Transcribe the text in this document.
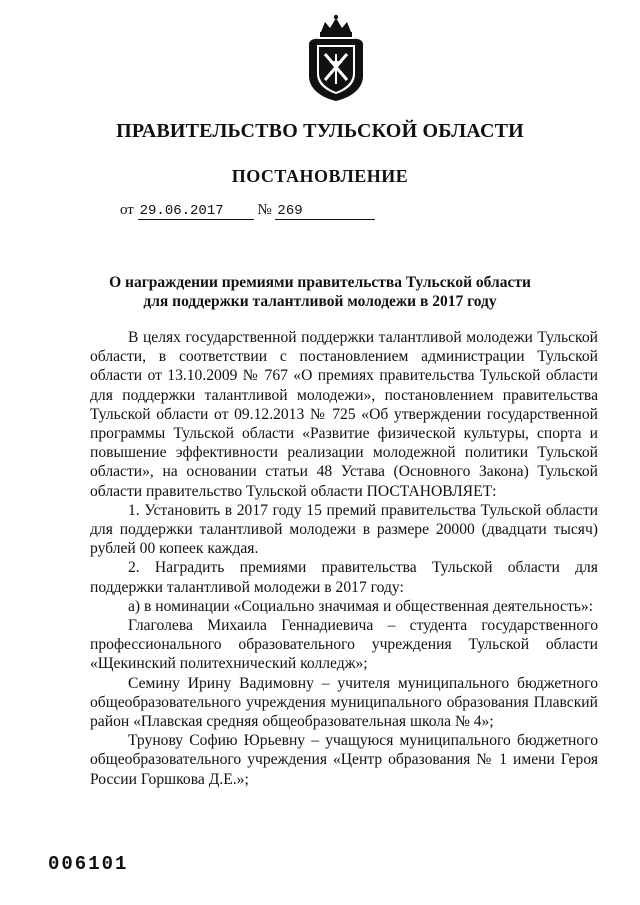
ПРАВИТЕЛЬСТВО ТУЛЬСКОЙ ОБЛАСТИ
ПОСТАНОВЛЕНИЕ
от 29.06.2017 № 269
О награждении премиями правительства Тульской области
для поддержки талантливой молодежи в 2017 году

В целях государственной поддержки талантливой молодежи Тульской области, в соответствии с постановлением администрации Тульской области от 13.10.2009 № 767 «О премиях правительства Тульской области для поддержки талантливой молодежи», постановлением правительства Тульской области от 09.12.2013 № 725 «Об утверждении государственной программы Тульской области «Развитие физической культуры, спорта и повышение эффективности реализации молодежной политики Тульской области», на основании статьи 48 Устава (Основного Закона) Тульской области правительство Тульской области ПОСТАНОВЛЯЕТ:

1. Установить в 2017 году 15 премий правительства Тульской области для поддержки талантливой молодежи в размере 20000 (двадцати тысяч) рублей 00 копеек каждая.

2. Наградить премиями правительства Тульской области для поддержки талантливой молодежи в 2017 году:

а) в номинации «Социально значимая и общественная деятельность»:

Глаголева Михаила Геннадиевича – студента государственного профессионального образовательного учреждения Тульской области «Щекинский политехнический колледж»;

Семину Ирину Вадимовну – учителя муниципального бюджетного общеобразовательного учреждения муниципального образования Плавский район «Плавская средняя общеобразовательная школа № 4»;

Трунову Софию Юрьевну – учащуюся муниципального бюджетного общеобразовательного учреждения «Центр образования № 1 имени Героя России Горшкова Д.Е.»;

006101
